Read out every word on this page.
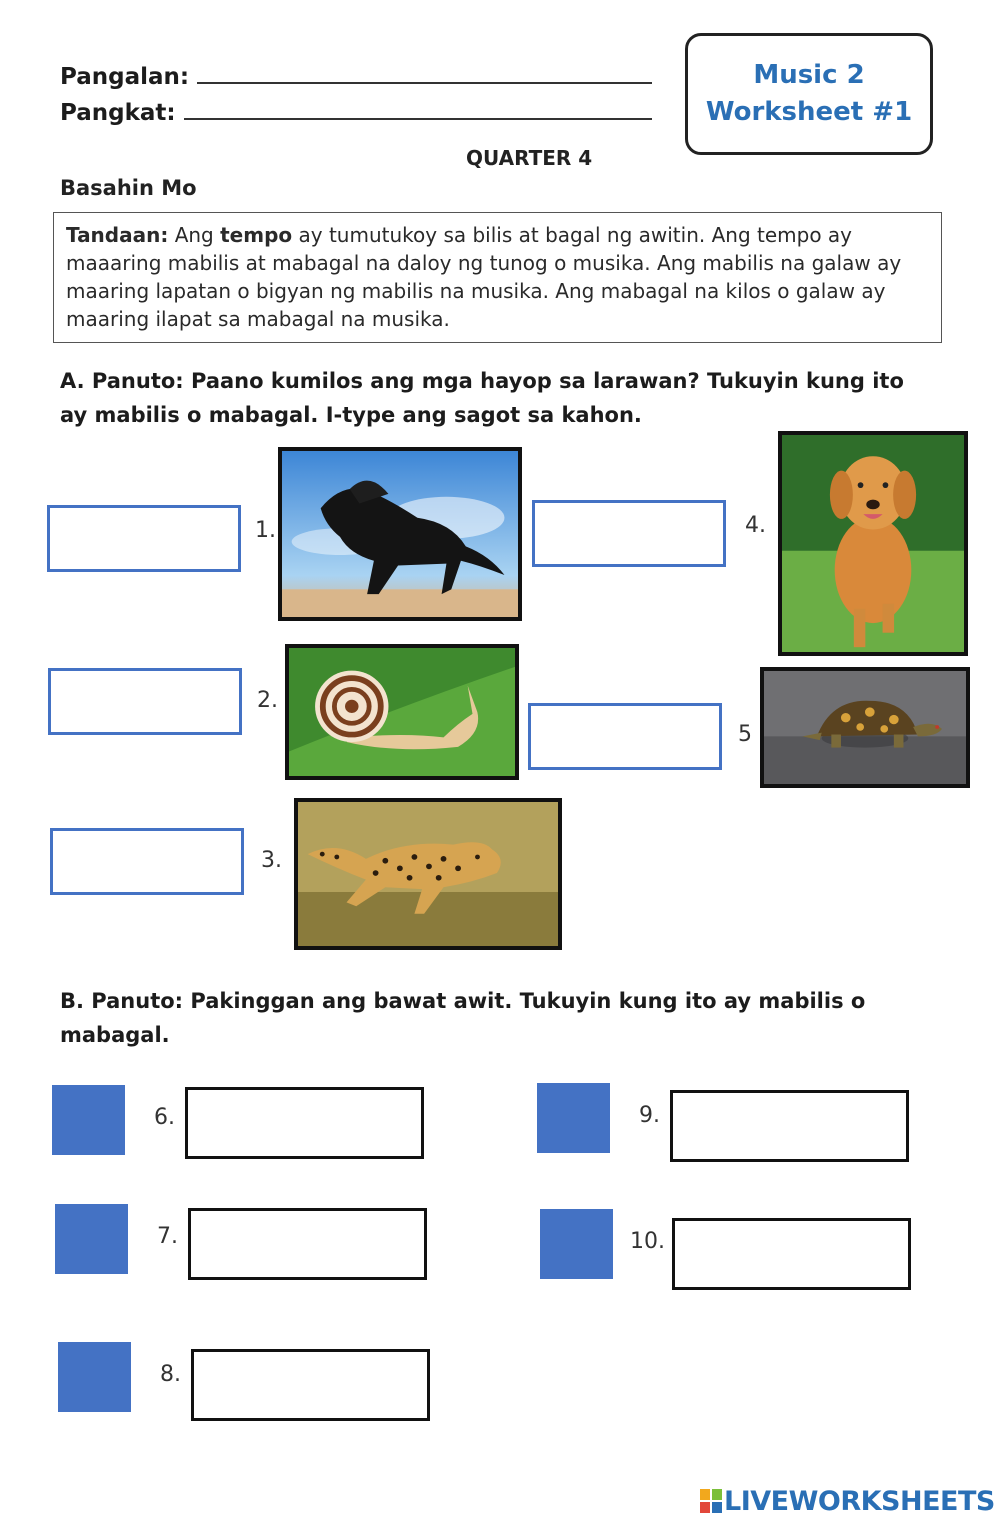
Pangalan:
Pangkat:
Music 2
Worksheet #1
QUARTER 4
Basahin Mo
Tandaan: Ang tempo ay tumutukoy sa bilis at bagal ng awitin. Ang tempo ay maaaring mabilis at mabagal na daloy ng tunog o musika. Ang mabilis na galaw ay maaring lapatan o bigyan ng mabilis na musika. Ang mabagal na kilos o galaw ay maaring ilapat sa mabagal na musika.
A. Panuto: Paano kumilos ang mga hayop sa larawan? Tukuyin kung ito
ay mabilis o mabagal. I-type ang sagot sa kahon.
1.
2.
3.
4.
5
B. Panuto: Pakinggan ang bawat awit. Tukuyin kung ito ay mabilis o
mabagal.
6.
7.
8.
9.
10.
LIVEWORKSHEETS
